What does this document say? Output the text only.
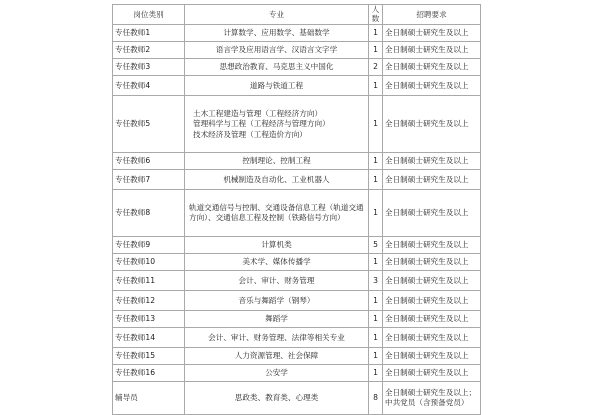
岗位类别	专业	人数	招聘要求
专任教师1	计算数学、应用数学、基础数学	1	全日制硕士研究生及以上
专任教师2	语言学及应用语言学、汉语言文字学	1	全日制硕士研究生及以上
专任教师3	思想政治教育、马克思主义中国化	2	全日制硕士研究生及以上
专任教师4	道路与铁道工程	1	全日制硕士研究生及以上
专任教师5	土木工程建造与管理（工程经济方向）
管理科学与工程（工程经济与管理方向）
技术经济及管理（工程造价方向）	1	全日制硕士研究生及以上
专任教师6	控制理论、控制工程	1	全日制硕士研究生及以上
专任教师7	机械制造及自动化、工业机器人	1	全日制硕士研究生及以上
专任教师8	轨道交通信号与控制、交通设备信息工程（轨道交通方向）、交通信息工程及控制（铁路信号方向）	1	全日制硕士研究生及以上
专任教师9	计算机类	5	全日制硕士研究生及以上
专任教师10	美术学、媒体传播学	1	全日制硕士研究生及以上
专任教师11	会计、审计、财务管理	3	全日制硕士研究生及以上
专任教师12	音乐与舞蹈学（钢琴）	1	全日制硕士研究生及以上
专任教师13	舞蹈学	1	全日制硕士研究生及以上
专任教师14	会计、审计、财务管理、法律等相关专业	1	全日制硕士研究生及以上
专任教师15	人力资源管理、社会保障	1	全日制硕士研究生及以上
专任教师16	公安学	1	全日制硕士研究生及以上
辅导员	思政类、教育类、心理类	8	全日制硕士研究生及以上；中共党员（含预备党员）
